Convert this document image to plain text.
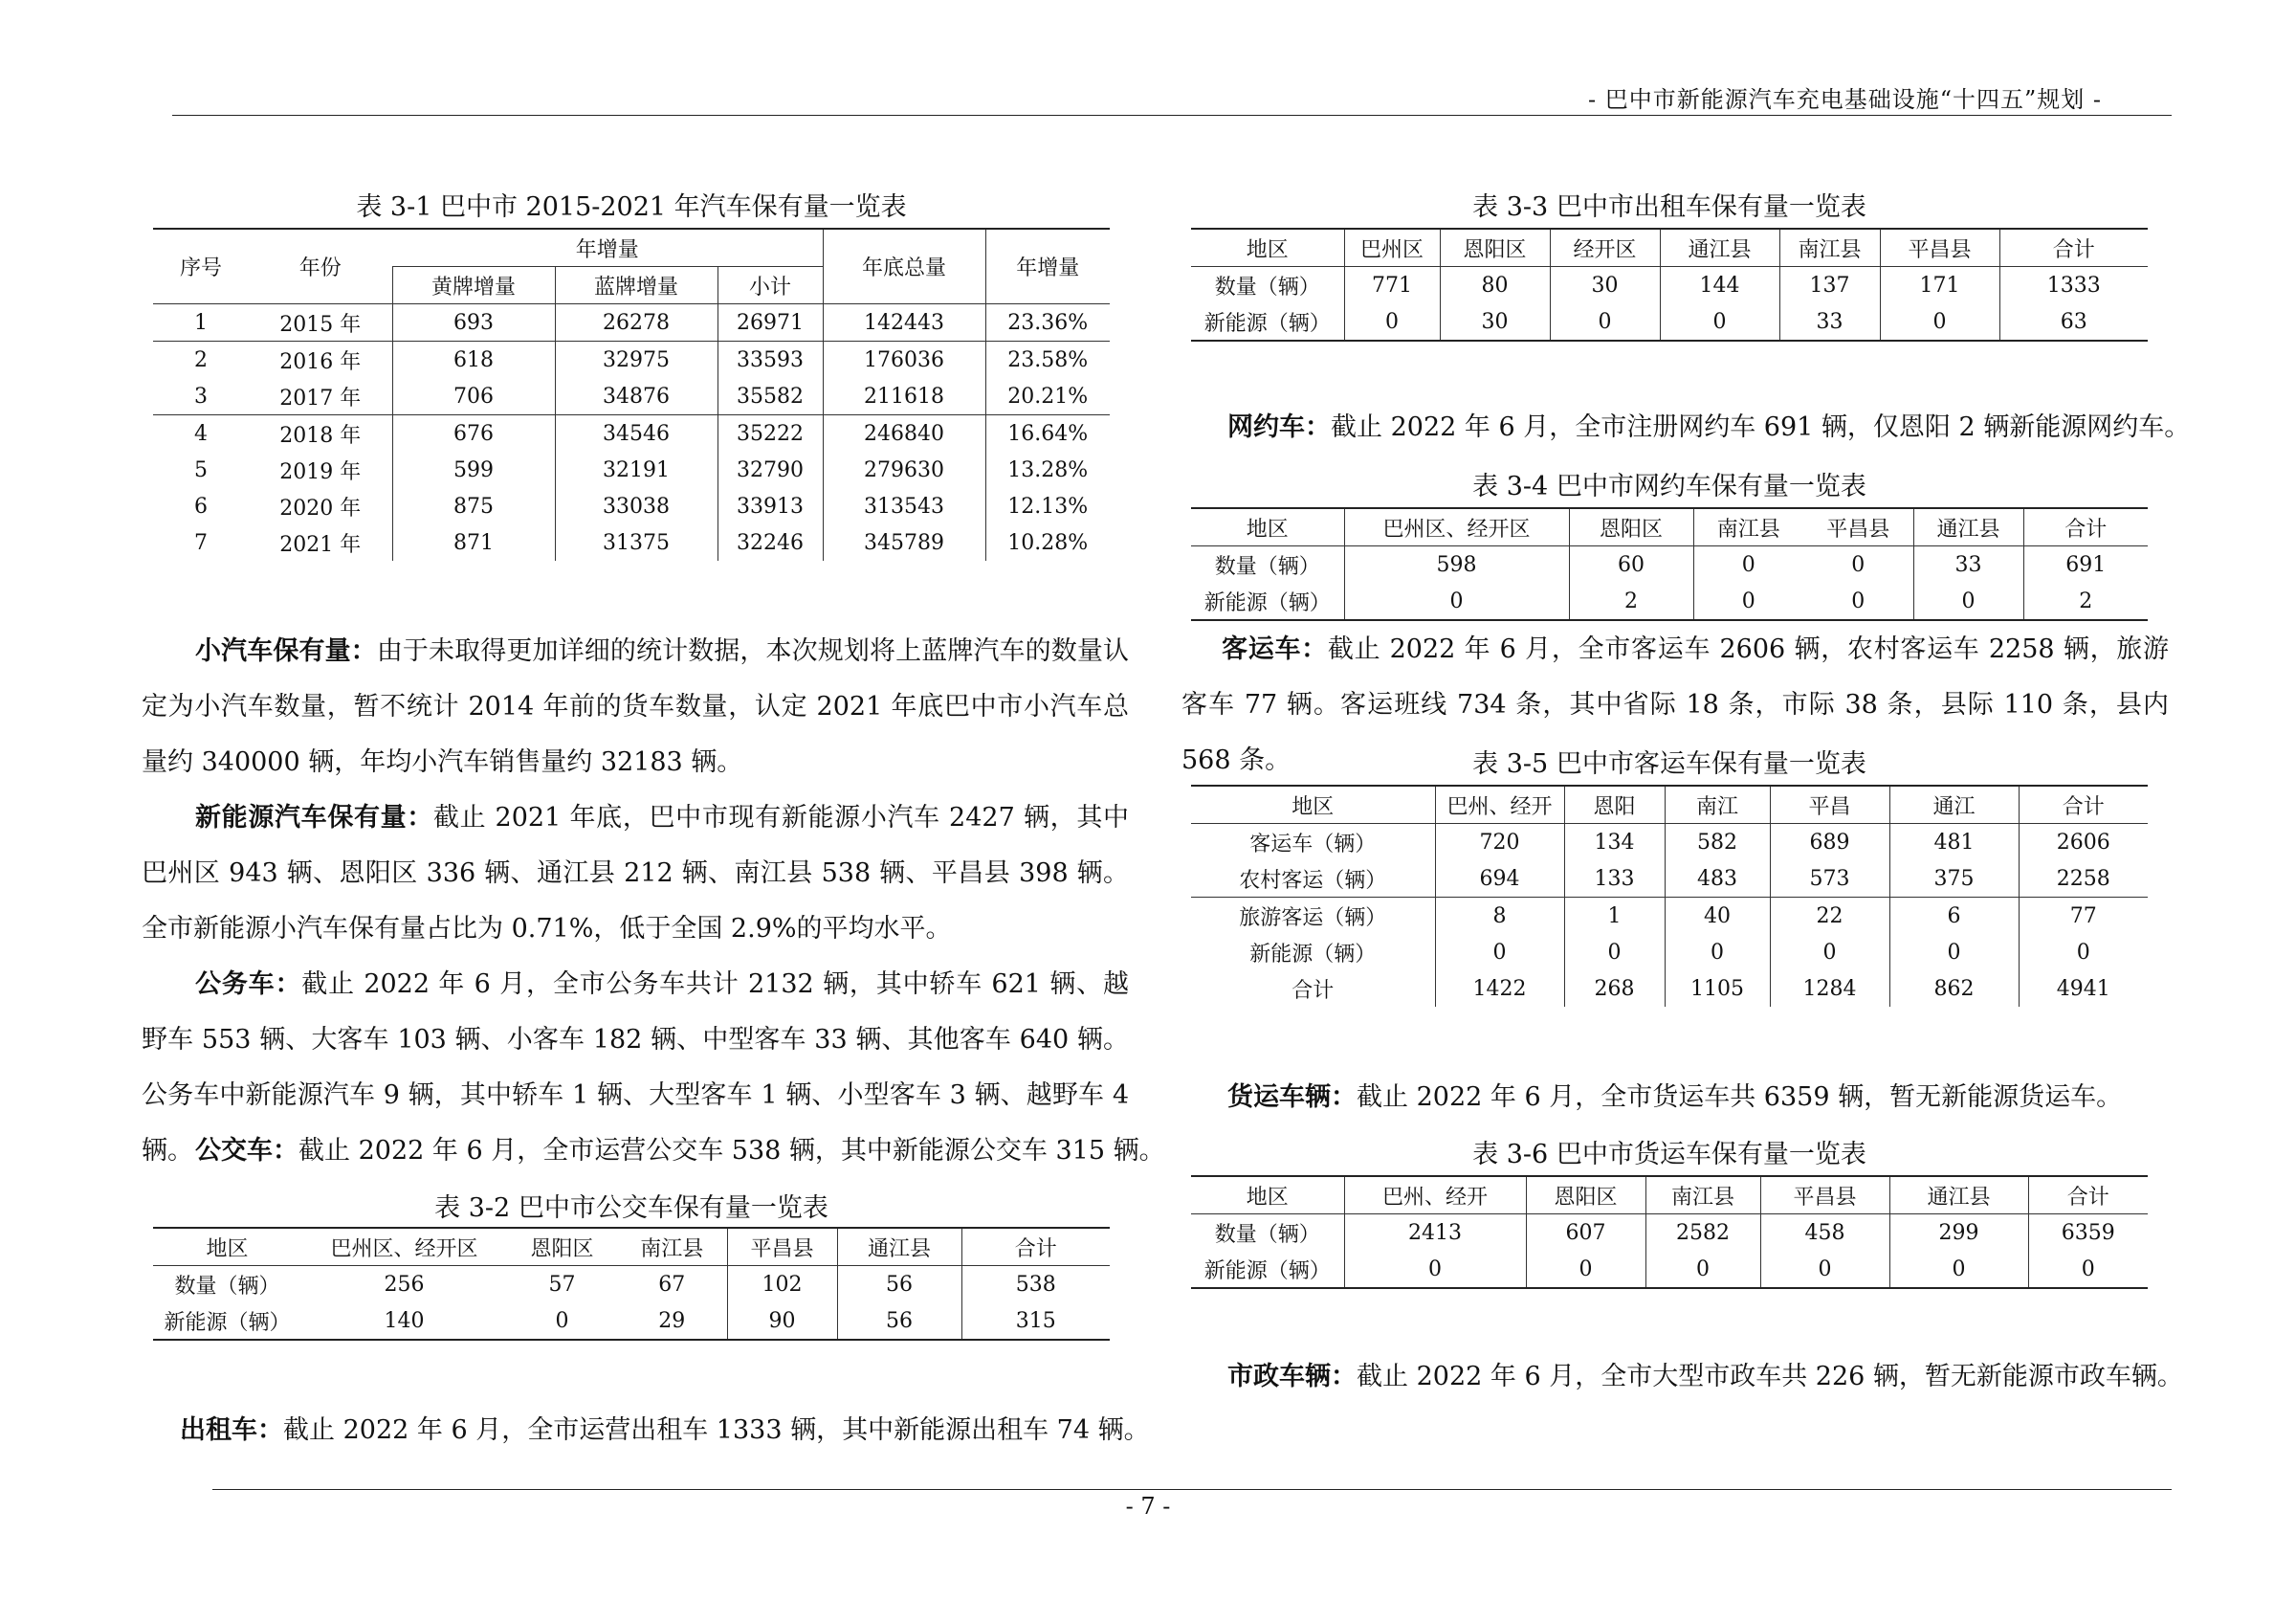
- 巴中市新能源汽车充电基础设施“十四五”规划 -
表 3-1 巴中市 2015-2021 年汽车保有量一览表
序号	年份	年增量			年底总量	年增量
		黄牌增量	蓝牌增量	小计		
1	2015 年	693	26278	26971	142443	23.36%
2	2016 年	618	32975	33593	176036	23.58%
3	2017 年	706	34876	35582	211618	20.21%
4	2018 年	676	34546	35222	246840	16.64%
5	2019 年	599	32191	32790	279630	13.28%
6	2020 年	875	33038	33913	313543	12.13%
7	2021 年	871	31375	32246	345789	10.28%
小汽车保有量：由于未取得更加详细的统计数据，本次规划将上蓝牌汽车的数量认定为小汽车数量，暂不统计 2014 年前的货车数量，认定 2021 年底巴中市小汽车总量约 340000 辆，年均小汽车销售量约 32183 辆。
新能源汽车保有量：截止 2021 年底，巴中市现有新能源小汽车 2427 辆，其中巴州区 943 辆、恩阳区 336 辆、通江县 212 辆、南江县 538 辆、平昌县 398 辆。全市新能源小汽车保有量占比为 0.71%，低于全国 2.9%的平均水平。
公务车：截止 2022 年 6 月，全市公务车共计 2132 辆，其中轿车 621 辆、越野车 553 辆、大客车 103 辆、小客车 182 辆、中型客车 33 辆、其他客车 640 辆。公务车中新能源汽车 9 辆，其中轿车 1 辆、大型客车 1 辆、小型客车 3 辆、越野车 4 辆。 公交车：截止 2022 年 6 月，全市运营公交车 538 辆，其中新能源公交车 315 辆。
表 3-2 巴中市公交车保有量一览表
地区	巴州区、经开区	恩阳区	南江县	平昌县	通江县	合计
数量（辆）	256	57	67	102	56	538
新能源（辆）	140	0	29	90	56	315
出租车：截止 2022 年 6 月，全市运营出租车 1333 辆，其中新能源出租车 74 辆。
表 3-3 巴中市出租车保有量一览表
地区	巴州区	恩阳区	经开区	通江县	南江县	平昌县	合计
数量（辆）	771	80	30	144	137	171	1333
新能源（辆）	0	30	0	0	33	0	63
网约车：截止 2022 年 6 月，全市注册网约车 691 辆，仅恩阳 2 辆新能源网约车。
表 3-4 巴中市网约车保有量一览表
地区	巴州区、经开区	恩阳区	南江县	平昌县	通江县	合计
数量（辆）	598	60	0	0	33	691
新能源（辆）	0	2	0	0	0	2
客运车：截止 2022 年 6 月，全市客运车 2606 辆，农村客运车 2258 辆，旅游客车 77 辆。客运班线 734 条，其中省际 18 条，市际 38 条，县际 110 条，县内 568 条。	表 3-5 巴中市客运车保有量一览表
地区	巴州、经开	恩阳	南江	平昌	通江	合计
客运车（辆）	720	134	582	689	481	2606
农村客运（辆）	694	133	483	573	375	2258
旅游客运（辆）	8	1	40	22	6	77
新能源（辆）	0	0	0	0	0	0
合计	1422	268	1105	1284	862	4941
货运车辆：截止 2022 年 6 月，全市货运车共 6359 辆，暂无新能源货运车。
表 3-6 巴中市货运车保有量一览表
地区	巴州、经开	恩阳区	南江县	平昌县	通江县	合计
数量（辆）	2413	607	2582	458	299	6359
新能源（辆）	0	0	0	0	0	0
市政车辆：截止 2022 年 6 月，全市大型市政车共 226 辆，暂无新能源市政车辆。
- 7 -
